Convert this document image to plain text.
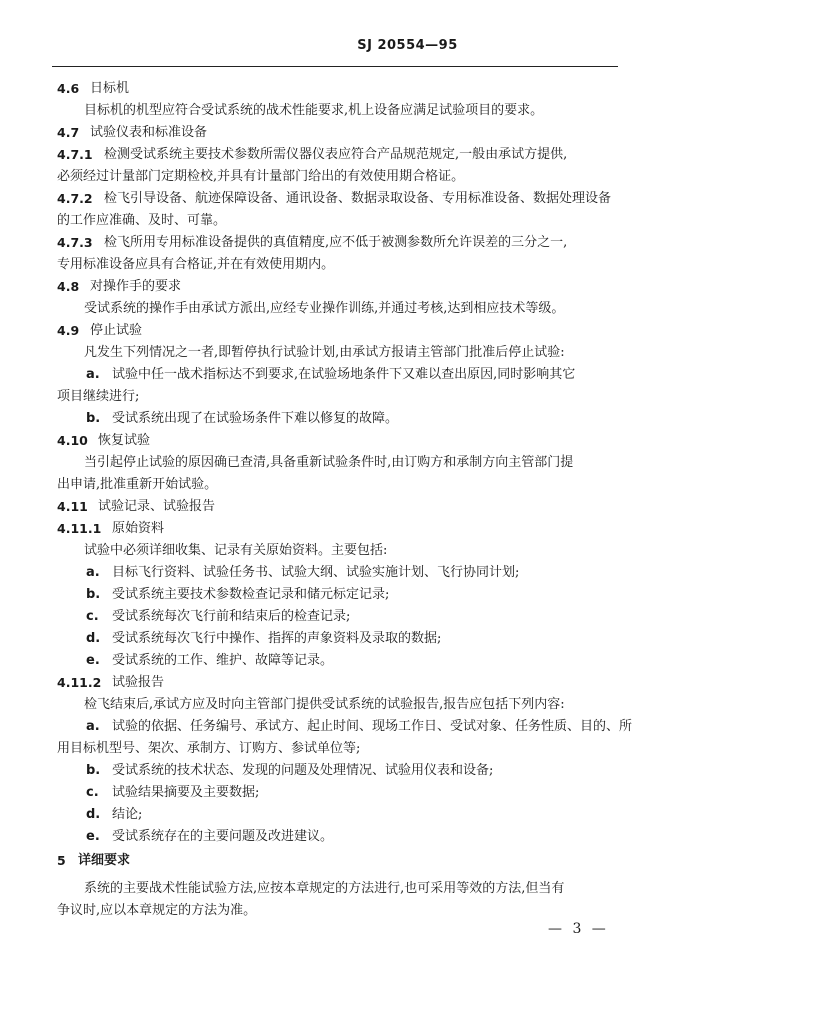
SJ 20554—95
4.6 日标机
目标机的机型应符合受试系统的战术性能要求,机上设备应满足试验项目的要求。
4.7 试验仪表和标准设备
4.7.1 检测受试系统主要技术参数所需仪器仪表应符合产品规范规定,一般由承试方提供,
必须经过计量部门定期检校,并具有计量部门给出的有效使用期合格证。
4.7.2 检飞引导设备、航迹保障设备、通讯设备、数据录取设备、专用标准设备、数据处理设备
的工作应准确、及时、可靠。
4.7.3 检飞所用专用标准设备提供的真值精度,应不低于被测参数所允许误差的三分之一,
专用标准设备应具有合格证,并在有效使用期内。
4.8 对操作手的要求
受试系统的操作手由承试方派出,应经专业操作训练,并通过考核,达到相应技术等级。
4.9 停止试验
凡发生下列情况之一者,即暂停执行试验计划,由承试方报请主管部门批准后停止试验:
a. 试验中任一战术指标达不到要求,在试验场地条件下又难以查出原因,同时影响其它
项目继续进行;
b. 受试系统出现了在试验场条件下难以修复的故障。
4.10 恢复试验
当引起停止试验的原因确已查清,具备重新试验条件时,由订购方和承制方向主管部门提
出申请,批准重新开始试验。
4.11 试验记录、试验报告
4.11.1 原始资料
试验中必须详细收集、记录有关原始资料。主要包括:
a. 目标飞行资料、试验任务书、试验大纲、试验实施计划、飞行协同计划;
b. 受试系统主要技术参数检查记录和储元标定记录;
c. 受试系统每次飞行前和结束后的检查记录;
d. 受试系统每次飞行中操作、指挥的声象资料及录取的数据;
e. 受试系统的工作、维护、故障等记录。
4.11.2 试验报告
检飞结束后,承试方应及时向主管部门提供受试系统的试验报告,报告应包括下列内容:
a. 试验的依据、任务编号、承试方、起止时间、现场工作日、受试对象、任务性质、目的、所
用目标机型号、架次、承制方、订购方、参试单位等;
b. 受试系统的技术状态、发现的问题及处理情况、试验用仪表和设备;
c. 试验结果摘要及主要数据;
d. 结论;
e. 受试系统存在的主要问题及改进建议。
5 详细要求
系统的主要战术性能试验方法,应按本章规定的方法进行,也可采用等效的方法,但当有
争议时,应以本章规定的方法为准。
— 3 —
